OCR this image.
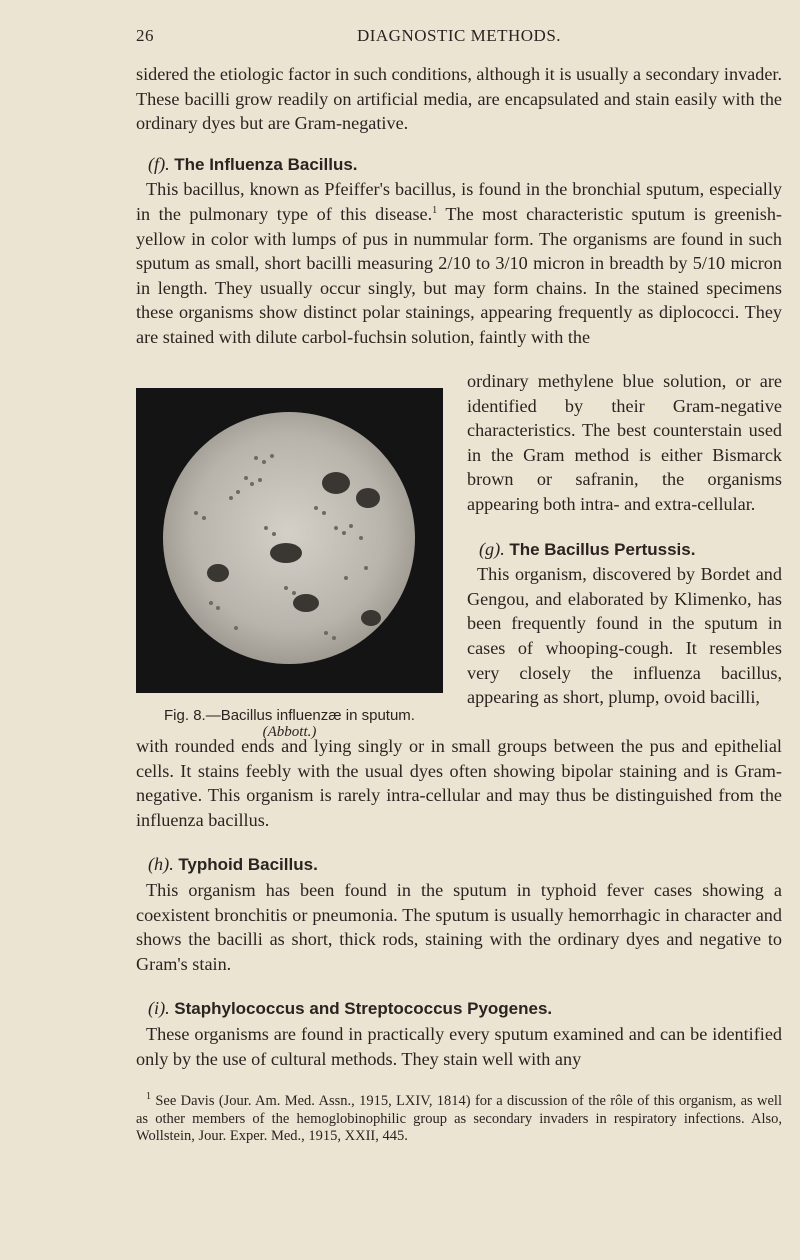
26	DIAGNOSTIC METHODS.

sidered the etiologic factor in such conditions, although it is usually a secondary invader. These bacilli grow readily on artificial media, are encapsulated and stain easily with the ordinary dyes but are Gram-negative.

(f). The Influenza Bacillus.

This bacillus, known as Pfeiffer's bacillus, is found in the bronchial sputum, especially in the pulmonary type of this disease.$^1$ The most characteristic sputum is greenish-yellow in color with lumps of pus in nummular form. The organisms are found in such sputum as small, short bacilli measuring 2/10 to 3/10 micron in breadth by 5/10 micron in length. They usually occur singly, but may form chains. In the stained specimens these organisms show distinct polar stainings, appearing frequently as diplococci. They are stained with dilute carbol-fuchsin solution, faintly with the

Fig. 8.—Bacillus influenzæ in sputum.
(Abbott.)

ordinary methylene blue solution, or are identified by their Gram-negative characteristics. The best counterstain used in the Gram method is either Bismarck brown or safranin, the organisms appearing both intra- and extra-cellular.

(g). The Bacillus Pertussis.

This organism, discovered by Bordet and Gengou, and elaborated by Klimenko, has been frequently found in the sputum in cases of whooping-cough. It resembles very closely the influenza bacillus, appearing as short, plump, ovoid bacilli,

with rounded ends and lying singly or in small groups between the pus and epithelial cells. It stains feebly with the usual dyes often showing bipolar staining and is Gram-negative. This organism is rarely intra-cellular and may thus be distinguished from the influenza bacillus.

(h). Typhoid Bacillus.

This organism has been found in the sputum in typhoid fever cases showing a coexistent bronchitis or pneumonia. The sputum is usually hemorrhagic in character and shows the bacilli as short, thick rods, staining with the ordinary dyes and negative to Gram's stain.

(i). Staphylococcus and Streptococcus Pyogenes.

These organisms are found in practically every sputum examined and can be identified only by the use of cultural methods. They stain well with any

$^1$ See Davis (Jour. Am. Med. Assn., 1915, LXIV, 1814) for a discussion of the rôle of this organism, as well as other members of the hemoglobinophilic group as secondary invaders in respiratory infections. Also, Wollstein, Jour. Exper. Med., 1915, XXII, 445.
